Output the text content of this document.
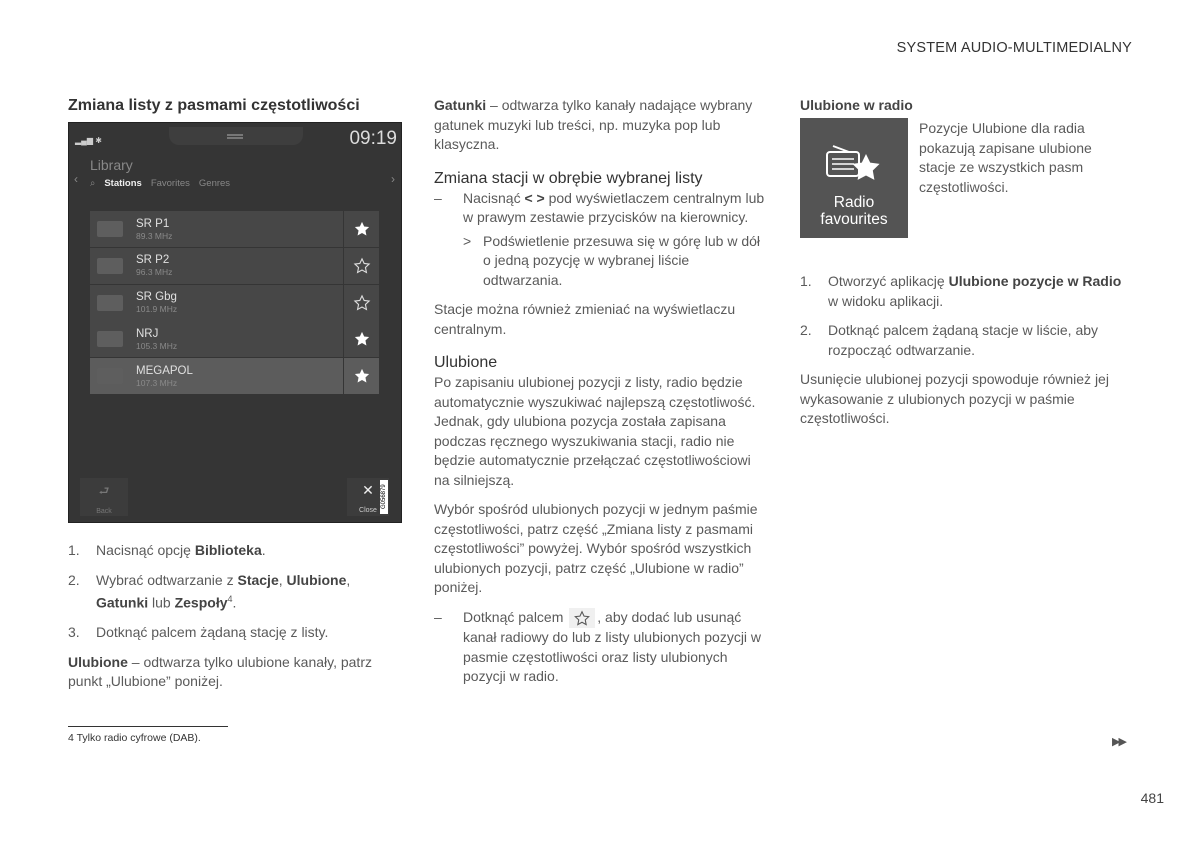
SYSTEM AUDIO-MULTIMEDIALNY
Zmiana listy z pasmami częstotliwości
▂▄▆ ✱	09:19
Library
‹	›
⌕ Stations Favorites Genres
SR P1
89.3 MHz
SR P2
96.3 MHz
SR Gbg
101.9 MHz
NRJ
105.3 MHz
MEGAPOL
107.3 MHz
⮐
Back
✕
Close
G056879
1.	Nacisnąć opcję Biblioteka.
2.	Wybrać odtwarzanie z Stacje, Ulubione, Gatunki lub Zespoły$^4$.
3.	Dotknąć palcem żądaną stację z listy.

Ulubione – odtwarza tylko ulubione kanały, patrz punkt „Ulubione” poniżej.

Gatunki – odtwarza tylko kanały nadające wybrany gatunek muzyki lub treści, np. muzyka pop lub klasyczna.

Zmiana stacji w obrębie wybranej listy
–	Nacisnąć < > pod wyświetlaczem centralnym lub w prawym zestawie przycisków na kierownicy.
> Podświetlenie przesuwa się w górę lub w dół o jedną pozycję w wybranej liście odtwarzania.

Stacje można również zmieniać na wyświetlaczu centralnym.

Ulubione

Po zapisaniu ulubionej pozycji z listy, radio będzie automatycznie wyszukiwać najlepszą częstotliwość. Jednak, gdy ulubiona pozycja została zapisana podczas ręcznego wyszukiwania stacji, radio nie będzie automatycznie przełączać częstotliwościowi na silniejszą.

Wybór spośród ulubionych pozycji w jednym paśmie częstotliwości, patrz część „Zmiana listy z pasmami częstotliwości” powyżej. Wybór spośród wszystkich ulubionych pozycji, patrz część „Ulubione w radio” poniżej.

–	Dotknąć palcem
, aby dodać lub usunąć kanał radiowy do lub z listy ulubionych pozycji w pasmie częstotliwości oraz listy ulubionych pozycji w radio.
Ulubione w radio
Radio
favourites
Pozycje Ulubione dla radia pokazują zapisane ulubione stacje ze wszystkich pasm częstotliwości.
1.	Otworzyć aplikację Ulubione pozycje w Radio w widoku aplikacji.
2.	Dotknąć palcem żądaną stacje w liście, aby rozpocząć odtwarzanie.

Usunięcie ulubionej pozycji spowoduje również jej wykasowanie z ulubionych pozycji w paśmie częstotliwości.

4 Tylko radio cyfrowe (DAB).	▶▶
481
